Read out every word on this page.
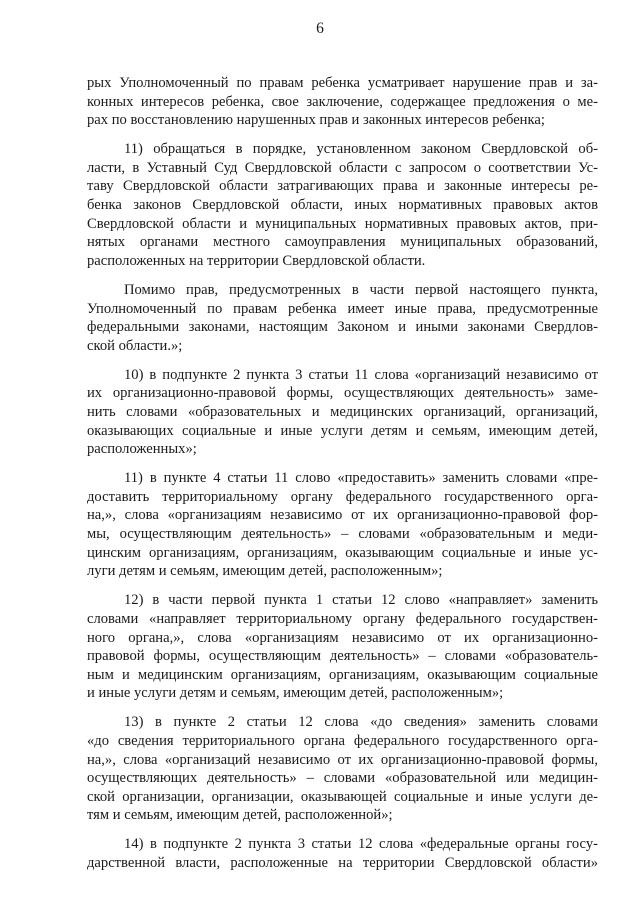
6
рых Уполномоченный по правам ребенка усматривает нарушение прав и за-
конных интересов ребенка, свое заключение, содержащее предложения о ме-
рах по восстановлению нарушенных прав и законных интересов ребенка;
11) обращаться в порядке, установленном законом Свердловской об-
ласти, в Уставный Суд Свердловской области с запросом о соответствии Ус-
таву Свердловской области затрагивающих права и законные интересы ре-
бенка законов Свердловской области, иных нормативных правовых актов
Свердловской области и муниципальных нормативных правовых актов, при-
нятых органами местного самоуправления муниципальных образований,
расположенных на территории Свердловской области.
Помимо прав, предусмотренных в части первой настоящего пункта,
Уполномоченный по правам ребенка имеет иные права, предусмотренные
федеральными законами, настоящим Законом и иными законами Свердлов-
ской области.»;
10) в подпункте 2 пункта 3 статьи 11 слова «организаций независимо от
их организационно-правовой формы, осуществляющих деятельность» заме-
нить словами «образовательных и медицинских организаций, организаций,
оказывающих социальные и иные услуги детям и семьям, имеющим детей,
расположенных»;
11) в пункте 4 статьи 11 слово «предоставить» заменить словами «пре-
доставить территориальному органу федерального государственного орга-
на,», слова «организациям независимо от их организационно-правовой фор-
мы, осуществляющим деятельность» – словами «образовательным и меди-
цинским организациям, организациям, оказывающим социальные и иные ус-
луги детям и семьям, имеющим детей, расположенным»;
12) в части первой пункта 1 статьи 12 слово «направляет» заменить
словами «направляет территориальному органу федерального государствен-
ного органа,», слова «организациям независимо от их организационно-
правовой формы, осуществляющим деятельность» – словами «образователь-
ным и медицинским организациям, организациям, оказывающим социальные
и иные услуги детям и семьям, имеющим детей, расположенным»;
13) в пункте 2 статьи 12 слова «до сведения» заменить словами
«до сведения территориального органа федерального государственного орга-
на,», слова «организаций независимо от их организационно-правовой формы,
осуществляющих деятельность» – словами «образовательной или медицин-
ской организации, организации, оказывающей социальные и иные услуги де-
тям и семьям, имеющим детей, расположенной»;
14) в подпункте 2 пункта 3 статьи 12 слова «федеральные органы госу-
дарственной власти, расположенные на территории Свердловской области»
